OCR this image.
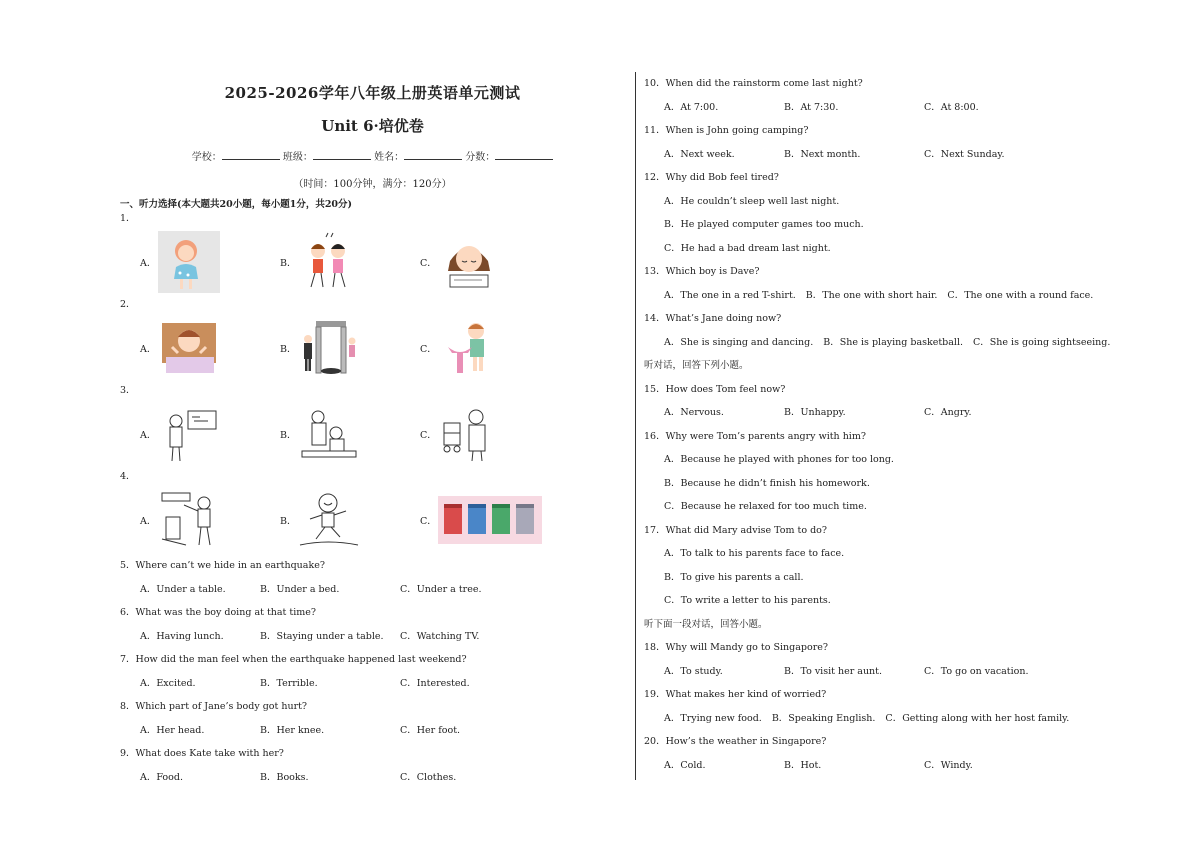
2025-2026学年八年级上册英语单元测试
Unit 6·培优卷
学校：	班级：	姓名：	分数：
（时间：100分钟，满分：120分）
一、听力选择(本大题共20小题，每小题1分，共20分)
1．
A．	B．	C．
2．
A．	B．	C．
3．
A．	B．	C．
4．
A．	B．	C．
5．Where can’t we hide in an earthquake?
A．Under a table.	B．Under a bed.	C．Under a tree.
6．What was the boy doing at that time?
A．Having lunch.	B．Staying under a table.	C．Watching TV.
7．How did the man feel when the earthquake happened last weekend?
A．Excited.	B．Terrible.	C．Interested.
8．Which part of Jane’s body got hurt?
A．Her head.	B．Her knee.	C．Her foot.
9．What does Kate take with her?
A．Food.	B．Books.	C．Clothes.
10．When did the rainstorm come last night?
A．At 7:00.	B．At 7:30.	C．At 8:00.
11．When is John going camping?
A．Next week.	B．Next month.	C．Next Sunday.
12．Why did Bob feel tired?
A．He couldn’t sleep well last night.
B．He played computer games too much.
C．He had a bad dream last night.
13．Which boy is Dave?
A．The one in a red T-shirt. B．The one with short hair. C．The one with a round face.
14．What’s Jane doing now?
A．She is singing and dancing. B．She is playing basketball. C．She is going sightseeing.
听对话，回答下列小题。
15．How does Tom feel now?
A．Nervous.	B．Unhappy.	C．Angry.
16．Why were Tom’s parents angry with him?
A．Because he played with phones for too long.
B．Because he didn’t finish his homework.
C．Because he relaxed for too much time.
17．What did Mary advise Tom to do?
A．To talk to his parents face to face.
B．To give his parents a call.
C．To write a letter to his parents.
听下面一段对话，回答小题。
18．Why will Mandy go to Singapore?
A．To study.	B．To visit her aunt.	C．To go on vacation.
19．What makes her kind of worried?
A．Trying new food. B．Speaking English. C．Getting along with her host family.
20．How’s the weather in Singapore?
A．Cold.	B．Hot.	C．Windy.
